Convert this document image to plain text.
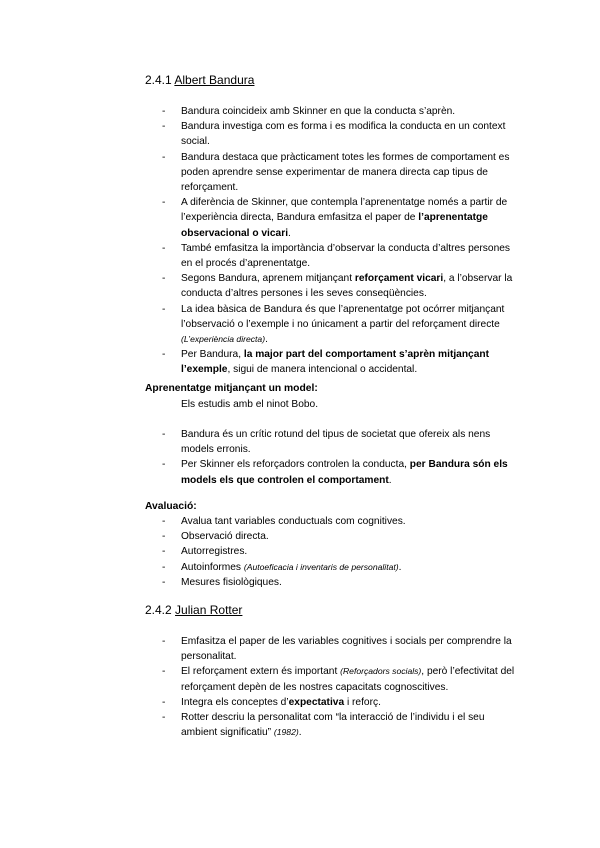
2.4.1 Albert Bandura
- Bandura coincideix amb Skinner en que la conducta s’aprèn.
- Bandura investiga com es forma i es modifica la conducta en un context social.
- Bandura destaca que pràcticament totes les formes de comportament es poden aprendre sense experimentar de manera directa cap tipus de reforçament.
- A diferència de Skinner, que contempla l’aprenentatge només a partir de l’experiència directa, Bandura emfasitza el paper de l’aprenentatge observacional o vicari.
- També emfasitza la importància d’observar la conducta d’altres persones en el procés d’aprenentatge.
- Segons Bandura, aprenem mitjançant reforçament vicari, a l’observar la conducta d’altres persones i les seves conseqüències.
- La idea bàsica de Bandura és que l’aprenentatge pot ocórrer mitjançant l’observació o l’exemple i no únicament a partir del reforçament directe (L’experiència directa).
- Per Bandura, la major part del comportament s’aprèn mitjançant l’exemple, sigui de manera intencional o accidental.
Aprenentatge mitjançant un model:
Els estudis amb el ninot Bobo.
- Bandura és un crític rotund del tipus de societat que ofereix als nens models erronis.
- Per Skinner els reforçadors controlen la conducta, per Bandura són els models els que controlen el comportament.
Avaluació:
- Avalua tant variables conductuals com cognitives.
- Observació directa.
- Autorregistres.
- Autoinformes (Autoeficacia i inventaris de personalitat).
- Mesures fisiològiques.
2.4.2 Julian Rotter
- Emfasitza el paper de les variables cognitives i socials per comprendre la personalitat.
- El reforçament extern és important (Reforçadors socials), però l’efectivitat del reforçament depèn de les nostres capacitats cognoscitives.
- Integra els conceptes d’expectativa i reforç.
- Rotter descriu la personalitat com “la interacció de l’individu i el seu ambient significatiu” (1982).
